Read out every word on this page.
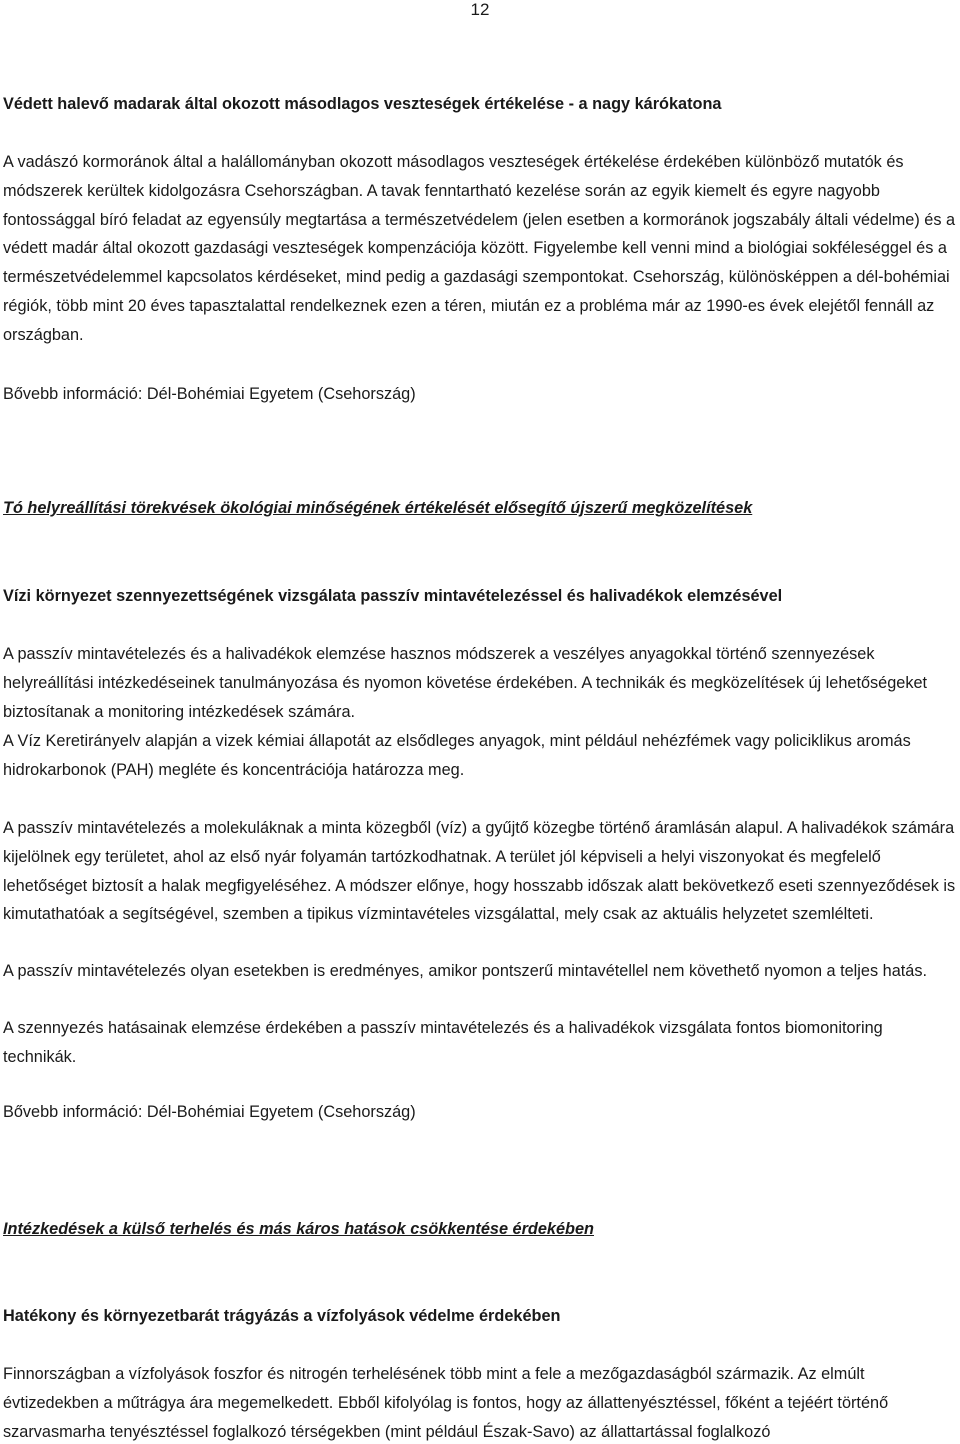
12

Védett halevő madarak által okozott másodlagos veszteségek értékelése - a nagy kárókatona

A vadászó kormoránok által a halállományban okozott másodlagos veszteségek értékelése érdekében különböző mutatók és módszerek kerültek kidolgozásra Csehországban. A tavak fenntartható kezelése során az egyik kiemelt és egyre nagyobb fontossággal bíró feladat az egyensúly megtartása a természetvédelem (jelen esetben a kormoránok jogszabály általi védelme) és a védett madár által okozott gazdasági veszteségek kompenzációja között. Figyelembe kell venni mind a biológiai sokféleséggel és a természetvédelemmel kapcsolatos kérdéseket, mind pedig a gazdasági szempontokat. Csehország, különösképpen a dél-bohémiai régiók, több mint 20 éves tapasztalattal rendelkeznek ezen a téren, miután ez a probléma már az 1990-es évek elejétől fennáll az országban.

Bővebb információ: Dél-Bohémiai Egyetem (Csehország)

Tó helyreállítási törekvések ökológiai minőségének értékelését elősegítő újszerű megközelítések

Vízi környezet szennyezettségének vizsgálata passzív mintavételezéssel és halivadékok elemzésével

A passzív mintavételezés és a halivadékok elemzése hasznos módszerek a veszélyes anyagokkal történő szennyezések helyreállítási intézkedéseinek tanulmányozása és nyomon követése érdekében. A technikák és megközelítések új lehetőségeket biztosítanak a monitoring intézkedések számára.

A Víz Keretirányelv alapján a vizek kémiai állapotát az elsődleges anyagok, mint például nehézfémek vagy policiklikus aromás hidrokarbonok (PAH) megléte és koncentrációja határozza meg.

A passzív mintavételezés a molekuláknak a minta közegből (víz) a gyűjtő közegbe történő áramlásán alapul. A halivadékok számára kijelölnek egy területet, ahol az első nyár folyamán tartózkodhatnak. A terület jól képviseli a helyi viszonyokat és megfelelő lehetőséget biztosít a halak megfigyeléséhez. A módszer előnye, hogy hosszabb időszak alatt bekövetkező eseti szennyeződések is kimutathatóak a segítségével, szemben a tipikus vízmintavételes vizsgálattal, mely csak az aktuális helyzetet szemlélteti.

A passzív mintavételezés olyan esetekben is eredményes, amikor pontszerű mintavétellel nem követhető nyomon a teljes hatás.

A szennyezés hatásainak elemzése érdekében a passzív mintavételezés és a halivadékok vizsgálata fontos biomonitoring technikák.

Bővebb információ: Dél-Bohémiai Egyetem (Csehország)

Intézkedések a külső terhelés és más káros hatások csökkentése érdekében

Hatékony és környezetbarát trágyázás a vízfolyások védelme érdekében

Finnországban a vízfolyások foszfor és nitrogén terhelésének több mint a fele a mezőgazdaságból származik. Az elmúlt évtizedekben a műtrágya ára megemelkedett. Ebből kifolyólag is fontos, hogy az állattenyésztéssel, főként a tejéért történő szarvasmarha tenyésztéssel foglalkozó térségekben (mint például Észak-Savo) az állattartással foglalkozó
